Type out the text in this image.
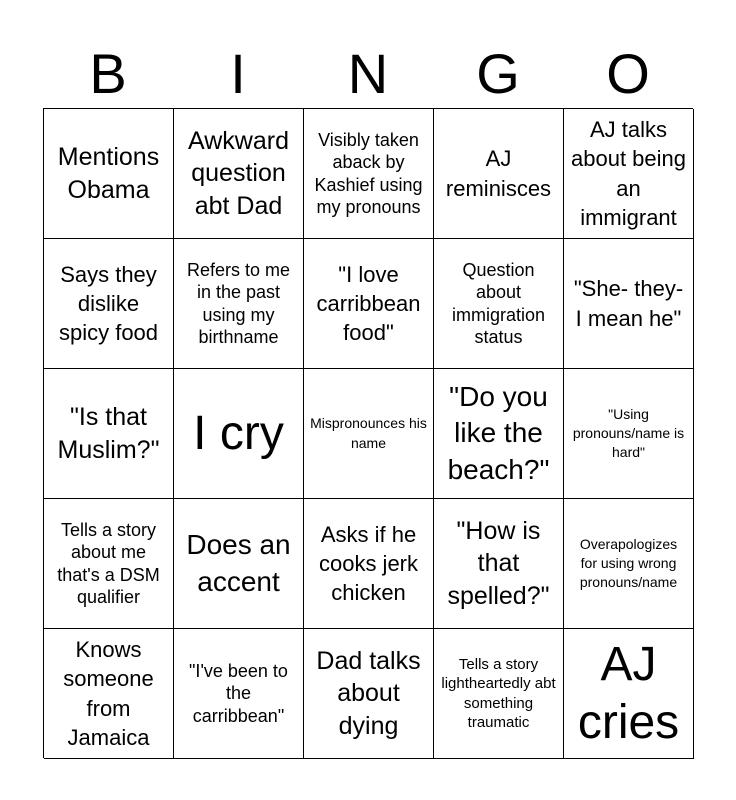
B	I	N	G	O
Mentions Obama
Awkward question abt Dad
Visibly taken aback by Kashief using my pronouns
AJ reminisces
AJ talks about being an immigrant
Says they dislike spicy food
Refers to me in the past using my birthname
"I love carribbean food"
Question about immigration status
"She- they- I mean he"
"Is that Muslim?" I cry Mispronounces his name
"Do you like the beach?"
"Using pronouns/name is hard"
Tells a story about me that's a DSM qualifier
Does an accent
Asks if he cooks jerk chicken
"How is that spelled?"
Overapologizes for using wrong pronouns/name
Knows someone from Jamaica
"I've been to the carribbean"
Dad talks about dying
Tells a story lightheartedly abt something traumatic
AJ cries
